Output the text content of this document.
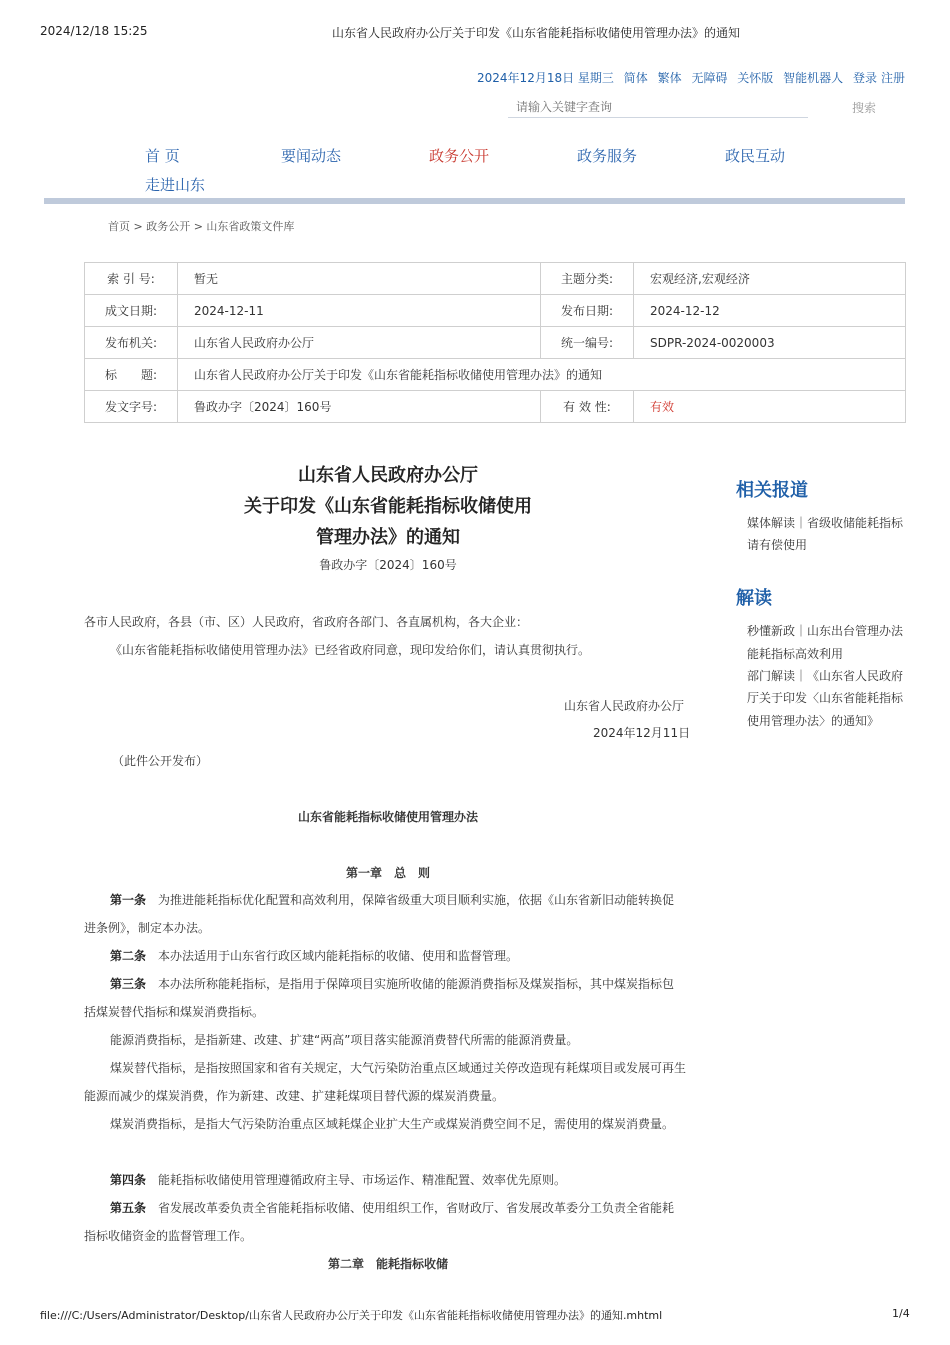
2024/12/18 15:25	山东省人民政府办公厅关于印发《山东省能耗指标收储使用管理办法》的通知
2024年12月18日 星期三 简体 繁体 无障碍 关怀版 智能机器人 登录 注册
请输入关键字查询
搜索
首 页	要闻动态	政务公开	政务服务	政民互动
走进山东
首页 > 政务公开 > 山东省政策文件库
索 引 号:	暂无	主题分类:	宏观经济,宏观经济
成文日期:	2024-12-11	发布日期:	2024-12-12
发布机关:	山东省人民政府办公厅	统一编号:	SDPR-2024-0020003
标　　题:	山东省人民政府办公厅关于印发《山东省能耗指标收储使用管理办法》的通知		
发文字号:	鲁政办字〔2024〕160号	有 效 性:	有效
山东省人民政府办公厅
关于印发《山东省能耗指标收储使用
管理办法》的通知
鲁政办字〔2024〕160号
各市人民政府，各县（市、区）人民政府，省政府各部门、各直属机构，各大企业：
《山东省能耗指标收储使用管理办法》已经省政府同意，现印发给你们，请认真贯彻执行。
山东省人民政府办公厅
2024年12月11日
（此件公开发布）
山东省能耗指标收储使用管理办法
第一章　总　则
第一条　 为推进能耗指标优化配置和高效利用，保障省级重大项目顺利实施，依据《山东省新旧动能转换促进条例》，制定本办法。
第二条　 本办法适用于山东省行政区域内能耗指标的收储、使用和监督管理。
第三条　 本办法所称能耗指标，是指用于保障项目实施所收储的能源消费指标及煤炭指标，其中煤炭指标包括煤炭替代指标和煤炭消费指标。
能源消费指标，是指新建、改建、扩建“两高”项目落实能源消费替代所需的能源消费量。
煤炭替代指标，是指按照国家和省有关规定，大气污染防治重点区域通过关停改造现有耗煤项目或发展可再生能源而减少的煤炭消费，作为新建、改建、扩建耗煤项目替代源的煤炭消费量。
煤炭消费指标，是指大气污染防治重点区域耗煤企业扩大生产或煤炭消费空间不足，需使用的煤炭消费量。
第四条　 能耗指标收储使用管理遵循政府主导、市场运作、精准配置、效率优先原则。
第五条　 省发展改革委负责全省能耗指标收储、使用组织工作，省财政厅、省发展改革委分工负责全省能耗指标收储资金的监督管理工作。
第二章　能耗指标收储
相关报道
媒体解读｜省级收储能耗指标
请有偿使用
解读
秒懂新政｜山东出台管理办法
能耗指标高效利用
部门解读｜《山东省人民政府
厅关于印发〈山东省能耗指标
使用管理办法〉的通知》
file:///C:/Users/Administrator/Desktop/山东省人民政府办公厅关于印发《山东省能耗指标收储使用管理办法》的通知.mhtml	1/4
